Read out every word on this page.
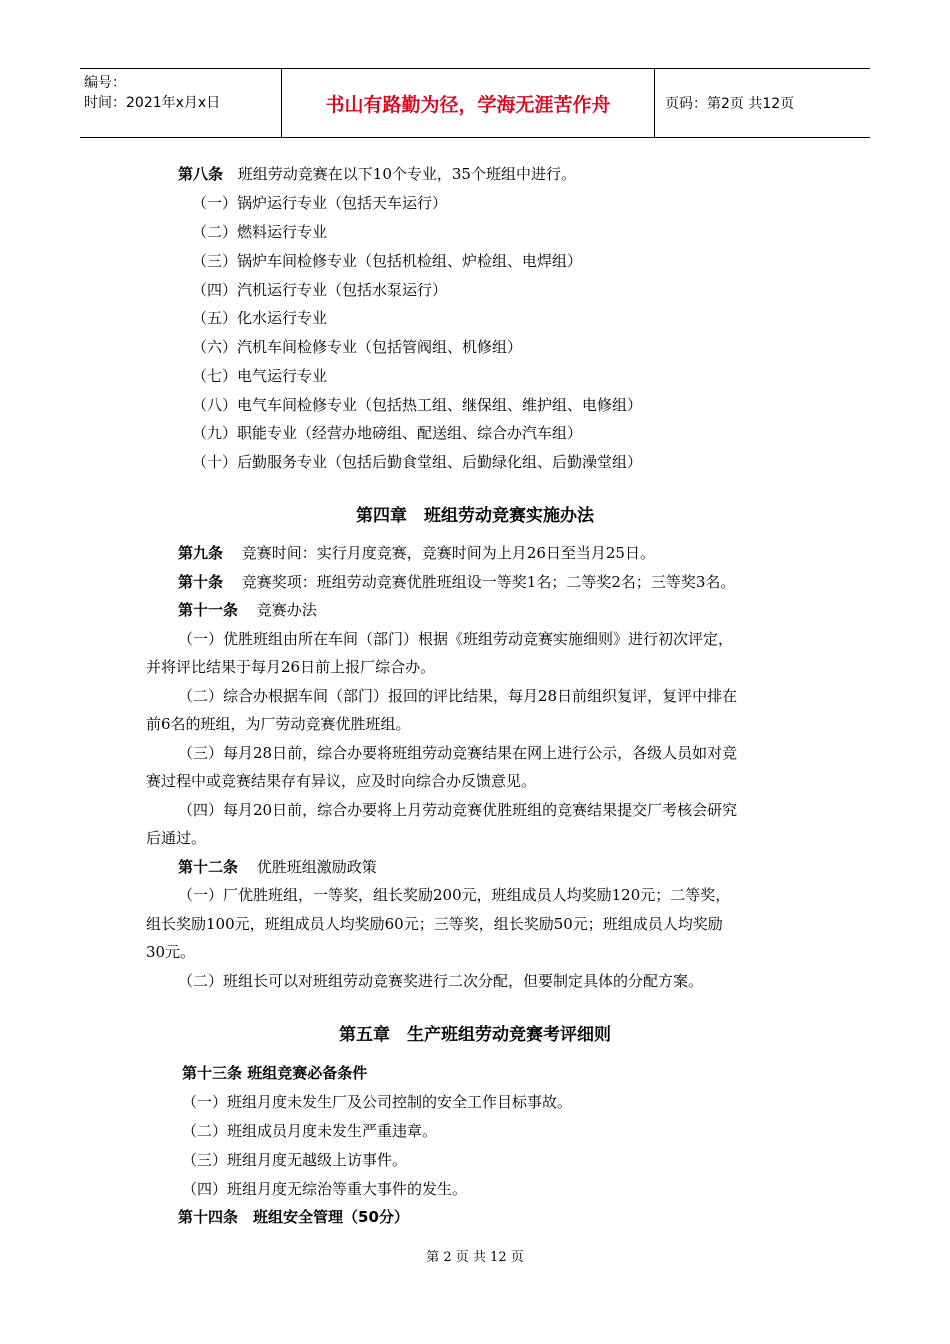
编号：
时间：2021年x月x日	书山有路勤为径，学海无涯苦作舟	页码：第2页 共12页
第八条 班组劳动竞赛在以下10个专业，35个班组中进行。
（一）锅炉运行专业（包括天车运行）
（二）燃料运行专业
（三）锅炉车间检修专业（包括机检组、炉检组、电焊组）
（四）汽机运行专业（包括水泵运行）
（五）化水运行专业
（六）汽机车间检修专业（包括管阀组、机修组）
（七）电气运行专业
（八）电气车间检修专业（包括热工组、继保组、维护组、电修组）
（九）职能专业（经营办地磅组、配送组、综合办汽车组）
（十）后勤服务专业（包括后勤食堂组、后勤绿化组、后勤澡堂组）
第四章　班组劳动竞赛实施办法
第九条 竞赛时间：实行月度竞赛，竞赛时间为上月26日至当月25日。
第十条 竞赛奖项：班组劳动竞赛优胜班组设一等奖1名；二等奖2名；三等奖3名。
第十一条 竞赛办法
（一）优胜班组由所在车间（部门）根据《班组劳动竞赛实施细则》进行初次评定，
并将评比结果于每月26日前上报厂综合办。
（二）综合办根据车间（部门）报回的评比结果，每月28日前组织复评，复评中排在
前6名的班组，为厂劳动竞赛优胜班组。
（三）每月28日前，综合办要将班组劳动竞赛结果在网上进行公示，各级人员如对竞
赛过程中或竞赛结果存有异议，应及时向综合办反馈意见。
（四）每月20日前，综合办要将上月劳动竞赛优胜班组的竞赛结果提交厂考核会研究
后通过。
第十二条 优胜班组激励政策
（一）厂优胜班组，一等奖，组长奖励200元，班组成员人均奖励120元；二等奖，
组长奖励100元，班组成员人均奖励60元；三等奖，组长奖励50元；班组成员人均奖励
30元。
（二）班组长可以对班组劳动竞赛奖进行二次分配，但要制定具体的分配方案。
第五章　生产班组劳动竞赛考评细则
第十三条 班组竞赛必备条件
（一）班组月度未发生厂及公司控制的安全工作目标事故。
（二）班组成员月度未发生严重违章。
（三）班组月度无越级上访事件。
（四）班组月度无综治等重大事件的发生。
第十四条　班组安全管理（50分）
第 2 页 共 12 页
